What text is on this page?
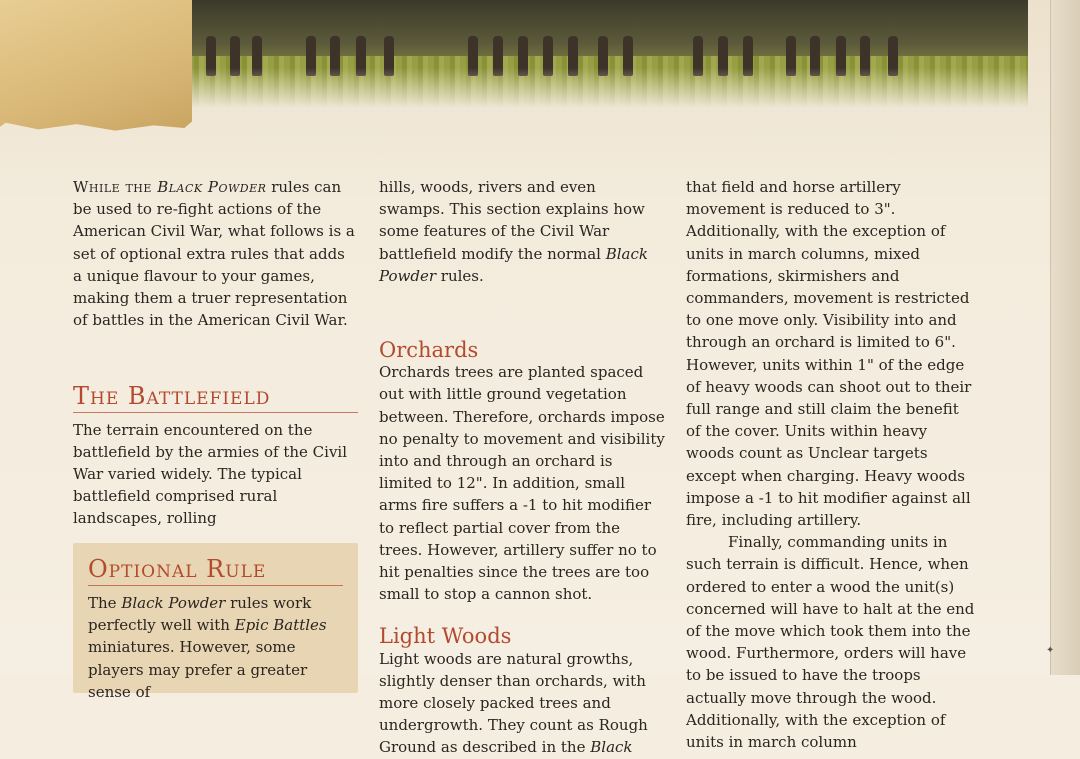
While the Black Powder rules can be used to re-fight actions of the American Civil War, what follows is a set of optional extra rules that adds a unique flavour to your games, making them a truer representation of battles in the American Civil War.

The Battlefield

The terrain encountered on the battlefield by the armies of the Civil War varied widely. The typical battlefield comprised rural landscapes, rolling

Optional Rule

The Black Powder rules work perfectly well with Epic Battles miniatures. However, some players may prefer a greater sense of

hills, woods, rivers and even swamps. This section explains how some features of the Civil War battlefield modify the normal Black Powder rules.

Orchards

Orchards trees are planted spaced out with little ground vegetation between. Therefore, orchards impose no penalty to movement and visibility into and through an orchard is limited to 12". In addition, small arms fire suffers a -1 to hit modifier to reflect partial cover from the trees. However, artillery suffer no to hit penalties since the trees are too small to stop a cannon shot.

Light Woods

Light woods are natural growths, slightly denser than orchards, with more closely packed trees and undergrowth. They count as Rough Ground as described in the Black

that field and horse artillery movement is reduced to 3". Additionally, with the exception of units in march columns, mixed formations, skirmishers and commanders, movement is restricted to one move only. Visibility into and through an orchard is limited to 6". However, units within 1" of the edge of heavy woods can shoot out to their full range and still claim the benefit of the cover. Units within heavy woods count as Unclear targets except when charging. Heavy woods impose a -1 to hit modifier against all fire, including artillery.

Finally, commanding units in such terrain is difficult. Hence, when ordered to enter a wood the unit(s) concerned will have to halt at the end of the move which took them into the wood. Furthermore, orders will have to be issued to have the troops actually move through the wood. Additionally, with the exception of units in march column

✦
